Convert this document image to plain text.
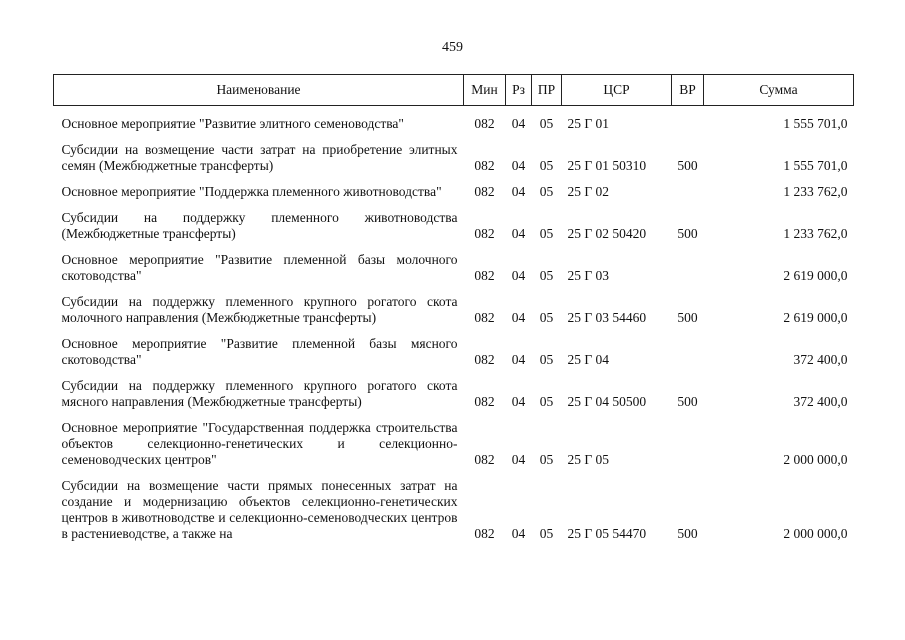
459
Наименование	Мин	Рз	ПР	ЦСР	ВР	Сумма
Основное мероприятие "Развитие элитного семеноводства"	082	04	05	25 Г 01		1 555 701,0
Субсидии на возмещение части затрат на приобретение элитных семян (Межбюджетные трансферты)	082	04	05	25 Г 01 50310	500	1 555 701,0
Основное мероприятие "Поддержка племенного животноводства"	082	04	05	25 Г 02		1 233 762,0
Субсидии на поддержку племенного животноводства (Межбюджетные трансферты)	082	04	05	25 Г 02 50420	500	1 233 762,0
Основное мероприятие "Развитие племенной базы молочного скотоводства"	082	04	05	25 Г 03		2 619 000,0
Субсидии на поддержку племенного крупного рогатого скота молочного направления (Межбюджетные трансферты)	082	04	05	25 Г 03 54460	500	2 619 000,0
Основное мероприятие "Развитие племенной базы мясного скотоводства"	082	04	05	25 Г 04		372 400,0
Субсидии на поддержку племенного крупного рогатого скота мясного направления (Межбюджетные трансферты)	082	04	05	25 Г 04 50500	500	372 400,0
Основное мероприятие "Государственная поддержка строительства объектов селекционно-генетических и селекционно-семеноводческих центров"	082	04	05	25 Г 05		2 000 000,0
Субсидии на возмещение части прямых понесенных затрат на создание и модернизацию объектов селекционно-генетических центров в животноводстве и селекционно-семеноводческих центров в растениеводстве, а также на	082	04	05	25 Г 05 54470	500	2 000 000,0
